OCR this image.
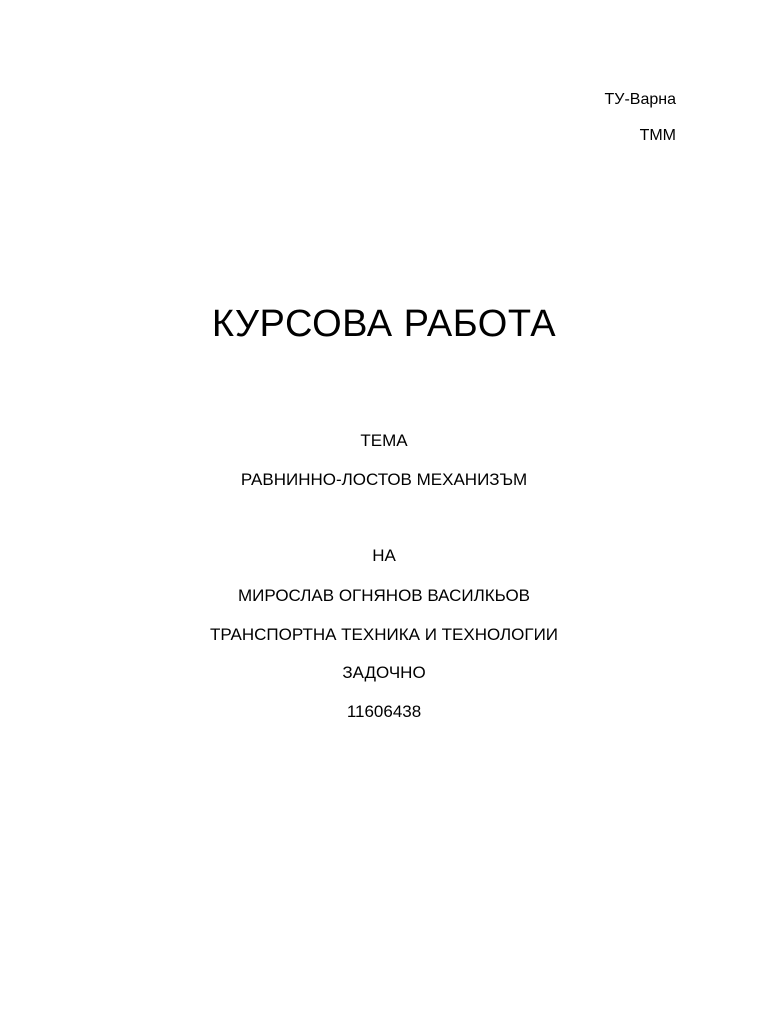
ТУ-Варна
ТММ
КУРСОВА РАБОТА
ТЕМА
РАВНИННО-ЛОСТОВ МЕХАНИЗЪМ
НА
МИРОСЛАВ ОГНЯНОВ ВАСИЛКЬОВ
ТРАНСПОРТНА ТЕХНИКА И ТЕХНОЛОГИИ
ЗАДОЧНО
11606438
